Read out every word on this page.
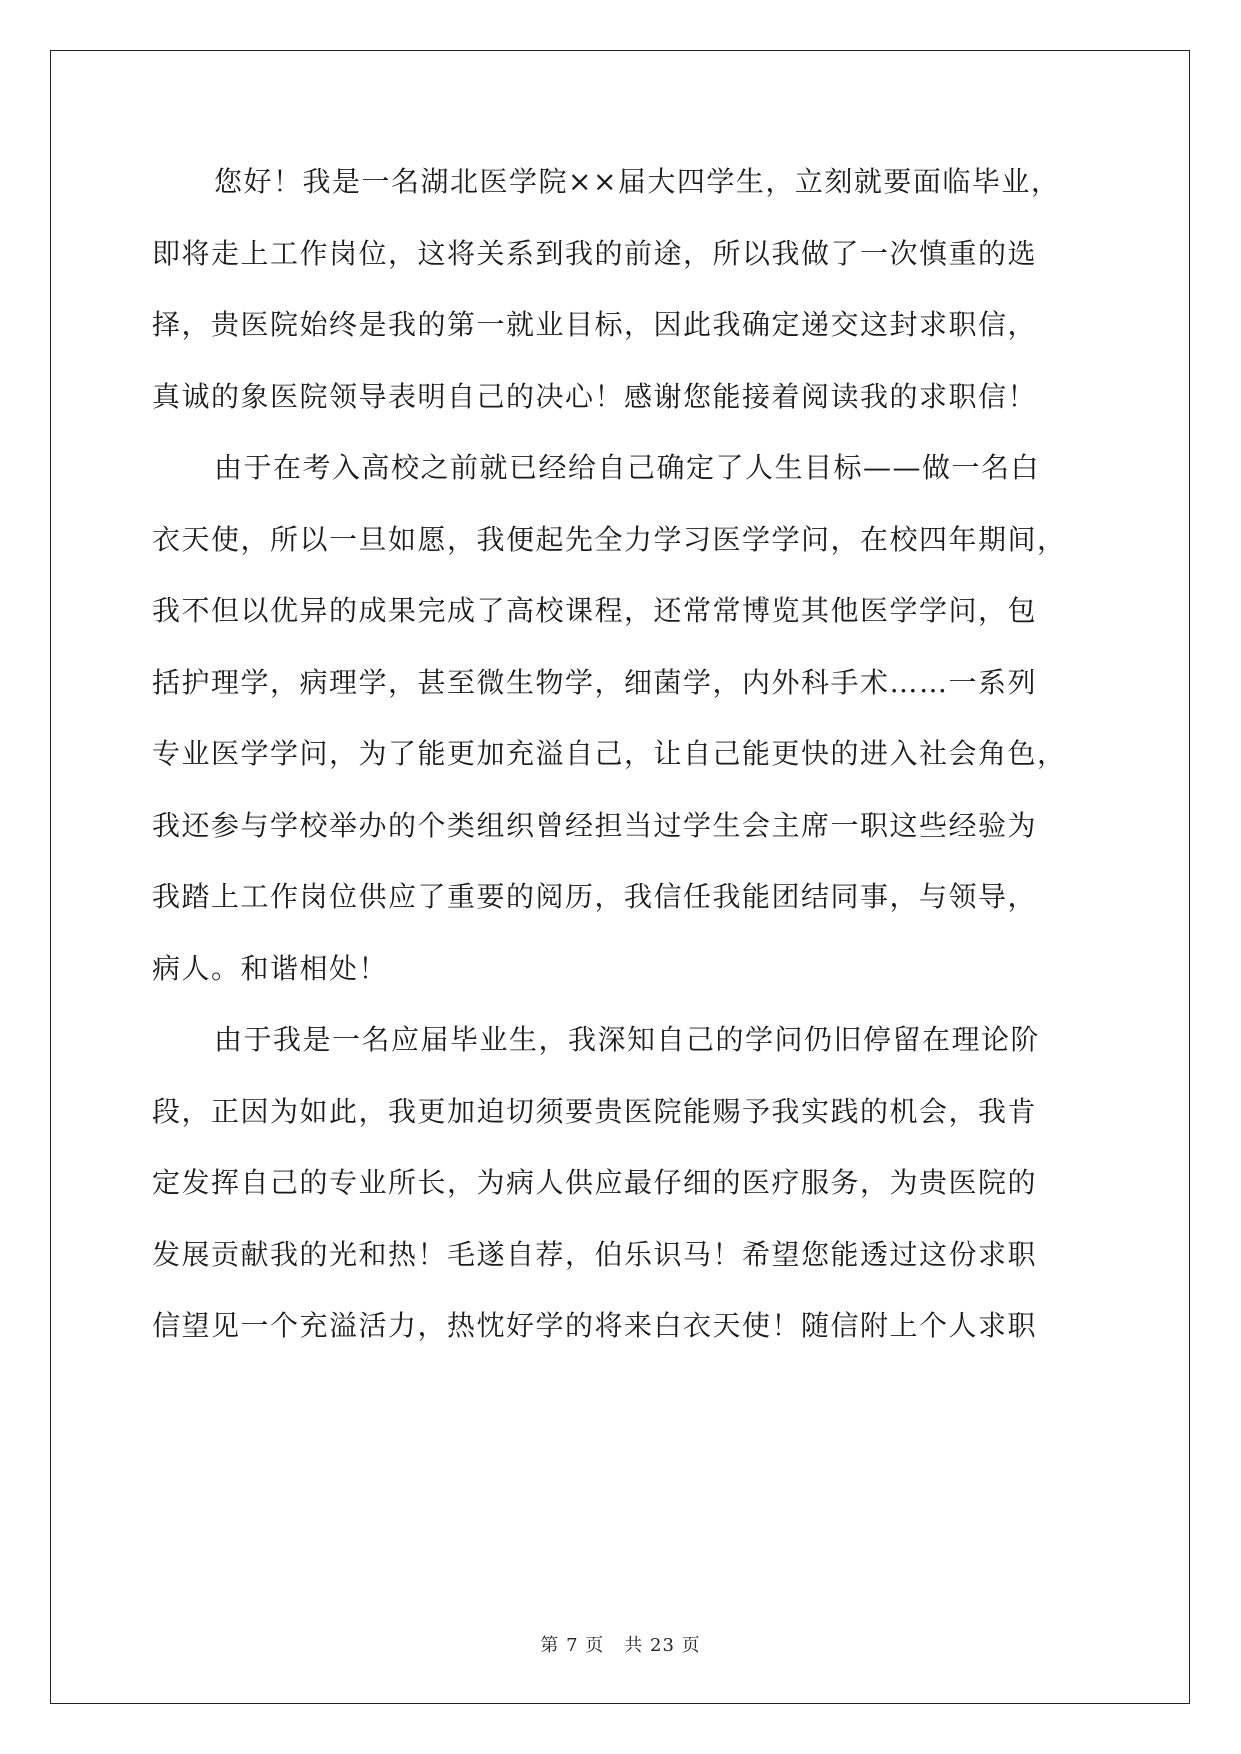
您好！我是一名湖北医学院××届大四学生，立刻就要面临毕业，
即将走上工作岗位，这将关系到我的前途，所以我做了一次慎重的选
择，贵医院始终是我的第一就业目标，因此我确定递交这封求职信，
真诚的象医院领导表明自己的决心！感谢您能接着阅读我的求职信！
由于在考入高校之前就已经给自己确定了人生目标——做一名白
衣天使，所以一旦如愿，我便起先全力学习医学学问，在校四年期间，
我不但以优异的成果完成了高校课程，还常常博览其他医学学问，包
括护理学，病理学，甚至微生物学，细菌学，内外科手术……一系列
专业医学学问，为了能更加充溢自己，让自己能更快的进入社会角色，
我还参与学校举办的个类组织曾经担当过学生会主席一职这些经验为
我踏上工作岗位供应了重要的阅历，我信任我能团结同事，与领导，
病人。和谐相处！
由于我是一名应届毕业生，我深知自己的学问仍旧停留在理论阶
段，正因为如此，我更加迫切须要贵医院能赐予我实践的机会，我肯
定发挥自己的专业所长，为病人供应最仔细的医疗服务，为贵医院的
发展贡献我的光和热！毛遂自荐，伯乐识马！希望您能透过这份求职
信望见一个充溢活力，热忱好学的将来白衣天使！随信附上个人求职
第 7 页 共 23 页
